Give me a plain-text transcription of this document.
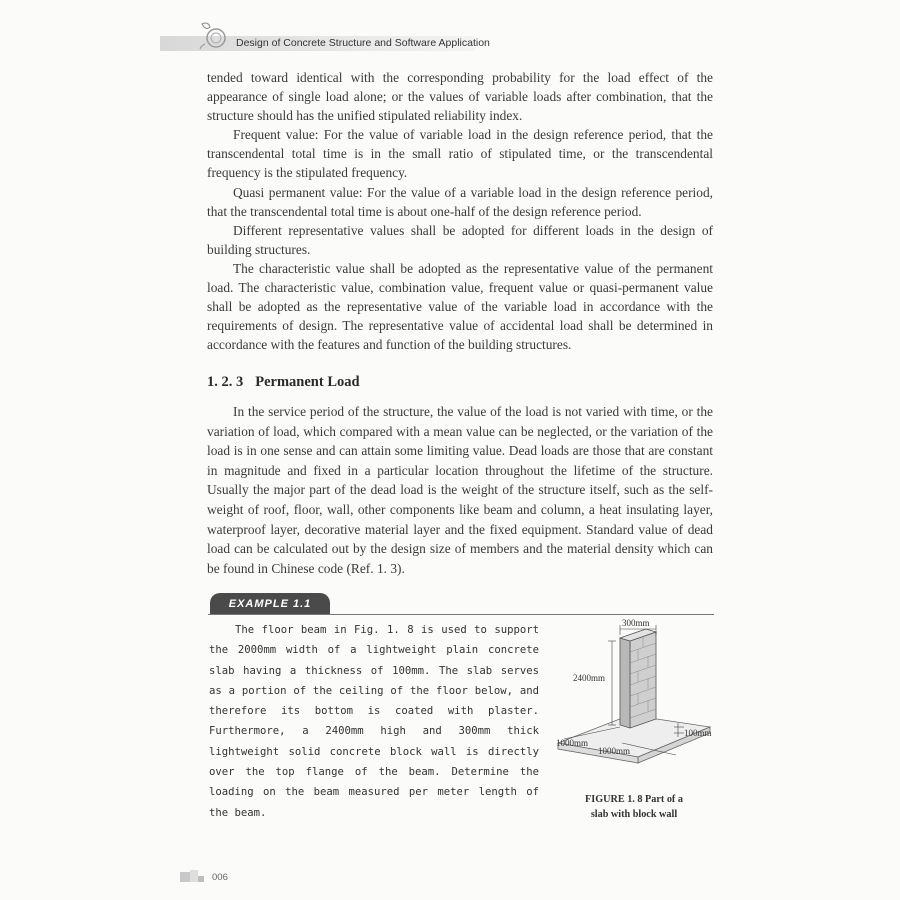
Design of Concrete Structure and Software Application

tended toward identical with the corresponding probability for the load effect of the appearance of single load alone; or the values of variable loads after combination, that the structure should has the unified stipulated reliability index.

Frequent value: For the value of variable load in the design reference period, that the transcendental total time is in the small ratio of stipulated time, or the transcendental frequency is the stipulated frequency.

Quasi permanent value: For the value of a variable load in the design reference period, that the transcendental total time is about one-half of the design reference period.

Different representative values shall be adopted for different loads in the design of building structures.

The characteristic value shall be adopted as the representative value of the permanent load. The characteristic value, combination value, frequent value or quasi-permanent value shall be adopted as the representative value of the variable load in accordance with the requirements of design. The representative value of accidental load shall be determined in accordance with the features and function of the building structures.

1. 2. 3 Permanent Load

In the service period of the structure, the value of the load is not varied with time, or the variation of load, which compared with a mean value can be neglected, or the variation of the load is in one sense and can attain some limiting value. Dead loads are those that are constant in magnitude and fixed in a particular location throughout the lifetime of the structure. Usually the major part of the dead load is the weight of the structure itself, such as the self-weight of roof, floor, wall, other components like beam and column, a heat insulating layer, waterproof layer, decorative material layer and the fixed equipment. Standard value of dead load can be calculated out by the design size of members and the material density which can be found in Chinese code (Ref. 1. 3).

EXAMPLE 1.1

The floor beam in Fig. 1. 8 is used to support the 2000mm width of a lightweight plain concrete slab having a thickness of 100mm. The slab serves as a portion of the ceiling of the floor below, and therefore its bottom is coated with plaster. Furthermore, a 2400mm high and 300mm thick lightweight solid concrete block wall is directly over the top flange of the beam. Determine the loading on the beam measured per meter length of the beam.

300mm
2400mm
100mm
1000mm
1000mm
FIGURE 1. 8 Part of a
slab with block wall
006
